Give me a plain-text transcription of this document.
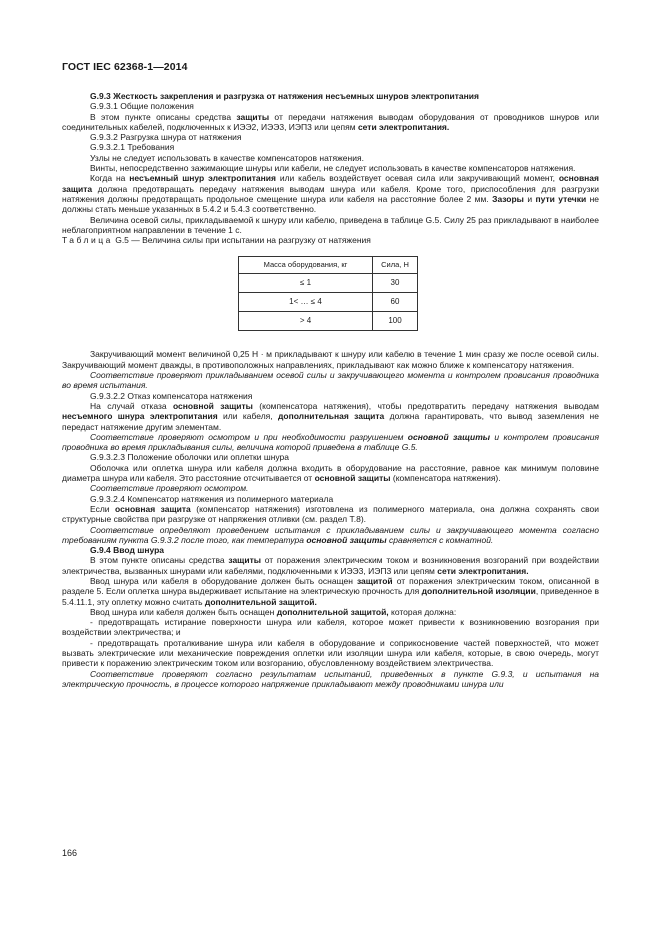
ГОСТ IEC 62368-1—2014

G.9.3 Жесткость закрепления и разгрузка от натяжения несъемных шнуров электропитания

G.9.3.1 Общие положения

В этом пункте описаны средства защиты от передачи натяжения выводам оборудования от проводников шнуров или соединительных кабелей, подключенных к ИЭЭ2, ИЭЭ3, ИЭП3 или цепям сети электропитания.

G.9.3.2 Разгрузка шнура от натяжения

G.9.3.2.1 Требования

Узлы не следует использовать в качестве компенсаторов натяжения.

Винты, непосредственно зажимающие шнуры или кабели, не следует использовать в качестве компенсаторов натяжения.

Когда на несъемный шнур электропитания или кабель воздействует осевая сила или закручивающий момент, основная защита должна предотвращать передачу натяжения выводам шнура или кабеля. Кроме того, приспособления для разгрузки натяжения должны предотвращать продольное смещение шнура или кабеля на расстояние более 2 мм. Зазоры и пути утечки не должны стать меньше указанных в 5.4.2 и 5.4.3 соответственно.

Величина осевой силы, прикладываемой к шнуру или кабелю, приведена в таблице G.5. Силу 25 раз прикладывают в наиболее неблагоприятном направлении в течение 1 с.

Таблица G.5 — Величина силы при испытании на разгрузку от натяжения

Масса оборудования, кг	Сила, Н
≤ 1	30
1< … ≤ 4	60
> 4	100

Закручивающий момент величиной 0,25 Н · м прикладывают к шнуру или кабелю в течение 1 мин сразу же после осевой силы. Закручивающий момент дважды, в противоположных направлениях, прикладывают как можно ближе к компенсатору натяжения.

Соответствие проверяют прикладыванием осевой силы и закручивающего момента и контролем провисания проводника во время испытания.

G.9.3.2.2 Отказ компенсатора натяжения

На случай отказа основной защиты (компенсатора натяжения), чтобы предотвратить передачу натяжения выводам несъемного шнура электропитания или кабеля, дополнительная защита должна гарантировать, что вывод заземления не передаст натяжение другим элементам.

Соответствие проверяют осмотром и при необходимости разрушением основной защиты и контролем провисания проводника во время прикладывания силы, величина которой приведена в таблице G.5.

G.9.3.2.3 Положение оболочки или оплетки шнура

Оболочка или оплетка шнура или кабеля должна входить в оборудование на расстояние, равное как минимум половине диаметра шнура или кабеля. Это расстояние отсчитывается от основной защиты (компенсатора натяжения).

Соответствие проверяют осмотром.

G.9.3.2.4 Компенсатор натяжения из полимерного материала

Если основная защита (компенсатор натяжения) изготовлена из полимерного материала, она должна сохранять свои структурные свойства при разгрузке от напряжения отливки (см. раздел Т.8).

Соответствие определяют проведением испытания с прикладыванием силы и закручивающего момента согласно требованиям пункта G.9.3.2 после того, как температура основной защиты сравняется с комнатной.

G.9.4 Ввод шнура

В этом пункте описаны средства защиты от поражения электрическим током и возникновения возгораний при воздействии электричества, вызванных шнурами или кабелями, подключенными к ИЭЭ3, ИЭП3 или цепям сети электропитания.

Ввод шнура или кабеля в оборудование должен быть оснащен защитой от поражения электрическим током, описанной в разделе 5. Если оплетка шнура выдерживает испытание на электрическую прочность для дополнительной изоляции, приведенное в 5.4.11.1, эту оплетку можно считать дополнительной защитой.

Ввод шнура или кабеля должен быть оснащен дополнительной защитой, которая должна:

- предотвращать истирание поверхности шнура или кабеля, которое может привести к возникновению возгорания при воздействии электричества; и

- предотвращать проталкивание шнура или кабеля в оборудование и соприкосновение частей поверхностей, что может вызвать электрические или механические повреждения оплетки или изоляции шнура или кабеля, которые, в свою очередь, могут привести к поражению электрическим током или возгоранию, обусловленному воздействием электричества.

Соответствие проверяют согласно результатам испытаний, приведенных в пункте G.9.3, и испытания на электрическую прочность, в процессе которого напряжение прикладывают между проводниками шнура или

166
